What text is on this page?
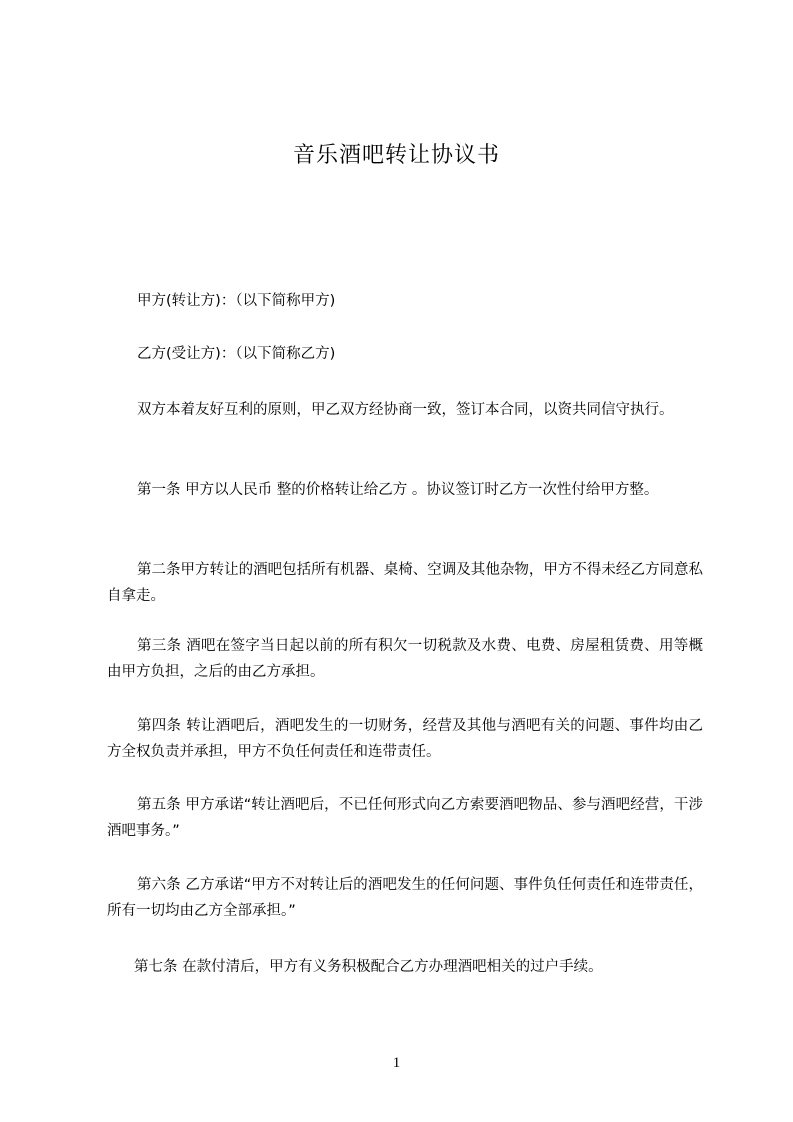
音乐酒吧转让协议书

甲方(转让方)：（以下简称甲方)

乙方(受让方)：（以下简称乙方)

双方本着友好互利的原则，甲乙双方经协商一致，签订本合同，以资共同信守执行。

第一条 甲方以人民币 整的价格转让给乙方 。协议签订时乙方一次性付给甲方整。

第二条甲方转让的酒吧包括所有机器、桌椅、空调及其他杂物，甲方不得未经乙方同意私自拿走。

第三条 酒吧在签字当日起以前的所有积欠一切税款及水费、电费、房屋租赁费、用等概由甲方负担，之后的由乙方承担。

第四条 转让酒吧后，酒吧发生的一切财务，经营及其他与酒吧有关的问题、事件均由乙方全权负责并承担，甲方不负任何责任和连带责任。

第五条 甲方承诺“转让酒吧后，不已任何形式向乙方索要酒吧物品、参与酒吧经营，干涉酒吧事务。”

第六条 乙方承诺“甲方不对转让后的酒吧发生的任何问题、事件负任何责任和连带责任，所有一切均由乙方全部承担。”

第七条 在款付清后，甲方有义务积极配合乙方办理酒吧相关的过户手续。

1
